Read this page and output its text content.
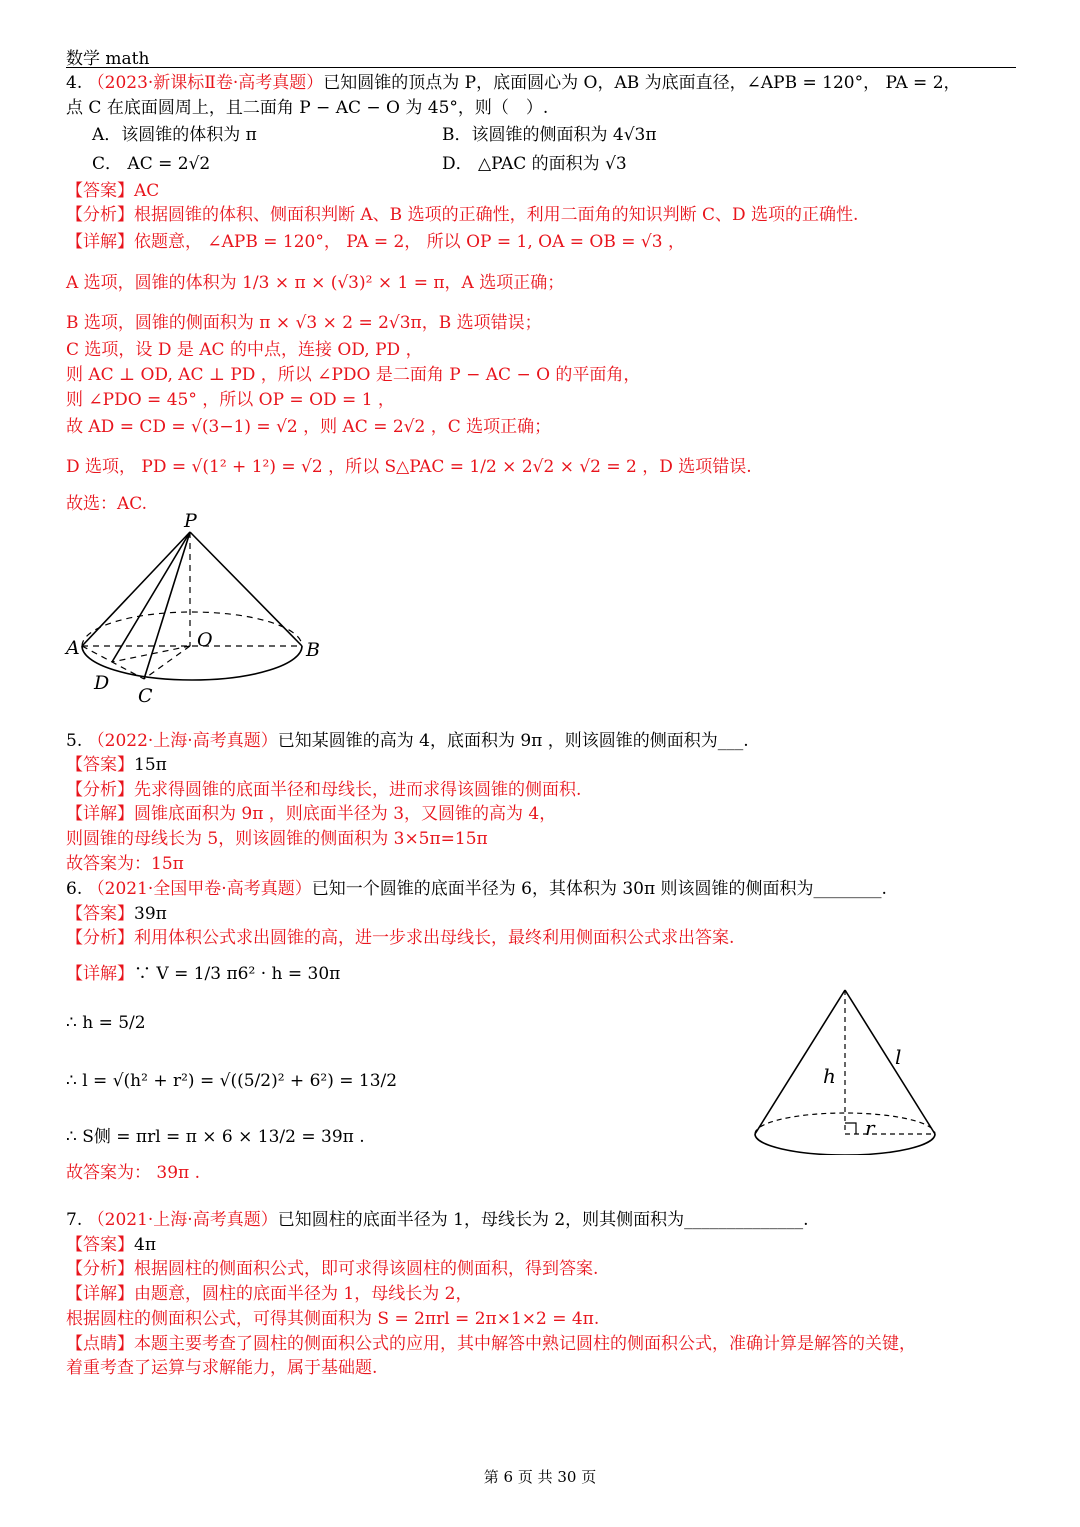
数学 math
4. （2023·新课标Ⅱ卷·高考真题）已知圆锥的顶点为 P，底面圆心为 O，AB 为底面直径，∠APB = 120°， PA = 2，
点 C 在底面圆周上，且二面角 P − AC − O 为 45°，则（　）.
A．该圆锥的体积为 π	B．该圆锥的侧面积为 4√3π
C． AC = 2√2	D． △PAC 的面积为 √3
【答案】AC
【分析】根据圆锥的体积、侧面积判断 A、B 选项的正确性，利用二面角的知识判断 C、D 选项的正确性.
【详解】依题意， ∠APB = 120°， PA = 2， 所以 OP = 1, OA = OB = √3 ，
A 选项，圆锥的体积为 1/3 × π × (√3)² × 1 = π，A 选项正确；
B 选项，圆锥的侧面积为 π × √3 × 2 = 2√3π，B 选项错误；
C 选项，设 D 是 AC 的中点，连接 OD, PD ，
则 AC ⊥ OD, AC ⊥ PD ，所以 ∠PDO 是二面角 P − AC − O 的平面角，
则 ∠PDO = 45° ，所以 OP = OD = 1 ，
故 AD = CD = √(3−1) = √2 ，则 AC = 2√2 ，C 选项正确；
D 选项， PD = √(1² + 1²) = √2 ，所以 S△PAC = 1/2 × 2√2 × √2 = 2 ，D 选项错误.
故选：AC.
P
A	B
O
D
C
5. （2022·上海·高考真题）已知某圆锥的高为 4，底面积为 9π ，则该圆锥的侧面积为___.
【答案】15π
【分析】先求得圆锥的底面半径和母线长，进而求得该圆锥的侧面积.
【详解】圆锥底面积为 9π ，则底面半径为 3，又圆锥的高为 4，
则圆锥的母线长为 5，则该圆锥的侧面积为 3×5π=15π
故答案为：15π
6. （2021·全国甲卷·高考真题）已知一个圆锥的底面半径为 6，其体积为 30π 则该圆锥的侧面积为________.
【答案】39π
【分析】利用体积公式求出圆锥的高，进一步求出母线长，最终利用侧面积公式求出答案.
【详解】∵ V = 1/3 π6² · h = 30π
∴ h = 5/2
∴ l = √(h² + r²) = √((5/2)² + 6²) = 13/2
∴ S侧 = πrl = π × 6 × 13/2 = 39π .
故答案为： 39π .
h
l
r
7. （2021·上海·高考真题）已知圆柱的底面半径为 1，母线长为 2，则其侧面积为______________.
【答案】4π
【分析】根据圆柱的侧面积公式，即可求得该圆柱的侧面积，得到答案.
【详解】由题意，圆柱的底面半径为 1，母线长为 2，
根据圆柱的侧面积公式，可得其侧面积为 S = 2πrl = 2π×1×2 = 4π.
【点睛】本题主要考查了圆柱的侧面积公式的应用，其中解答中熟记圆柱的侧面积公式，准确计算是解答的关键，
着重考查了运算与求解能力，属于基础题.
第 6 页 共 30 页
